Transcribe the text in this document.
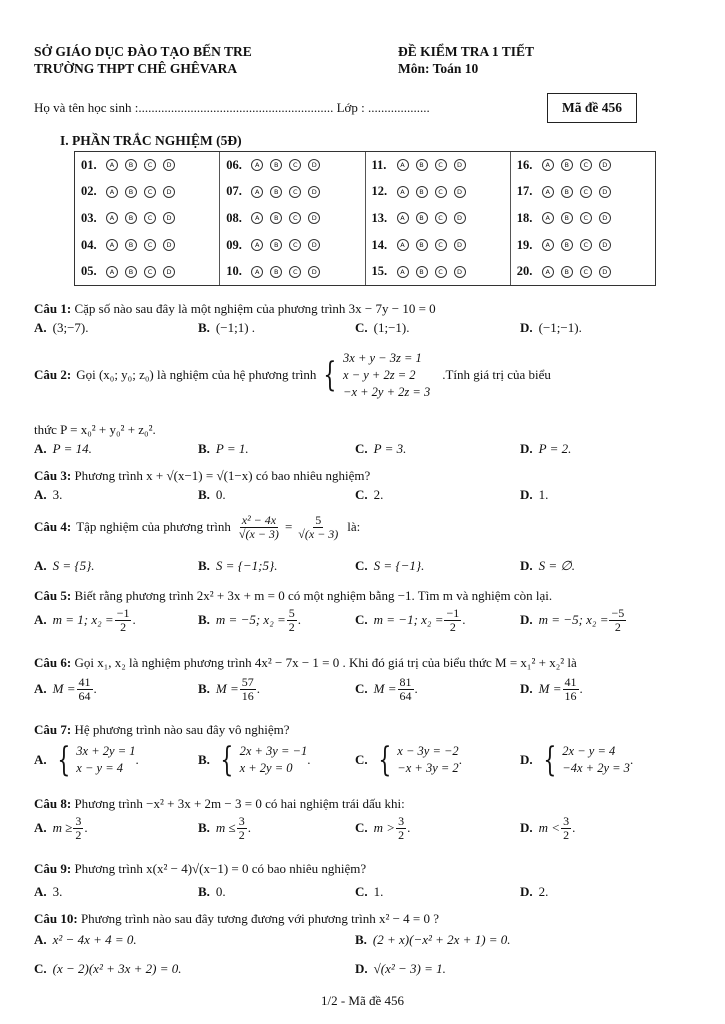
SỞ GIÁO DỤC ĐÀO TẠO BẾN TRE
TRƯỜNG THPT CHÊ GHÊVARA
ĐỀ KIỂM TRA 1 TIẾT
Môn: Toán 10
Họ và tên học sinh :............................................................ Lớp : ...................	Mã đề 456
I. PHẦN TRẮC NGHIỆM (5Đ)
01.	A	B	C	D
02.	A	B	C	D
03.	A	B	C	D
04.	A	B	C	D
05.	A	B	C	D
06.	A	B	C	D
07.	A	B	C	D
08.	A	B	C	D
09.	A	B	C	D
10.	A	B	C	D
11.	A	B	C	D
12.	A	B	C	D
13.	A	B	C	D
14.	A	B	C	D
15.	A	B	C	D
16.	A	B	C	D
17.	A	B	C	D
18.	A	B	C	D
19.	A	B	C	D
20.	A	B	C	D
Câu 1: Cặp số nào sau đây là một nghiệm của phương trình 3x − 7y − 10 = 0
A. (3;−7).	B. (−1;1) .	C. (1;−1).	D. (−1;−1).
Câu 2: Gọi (x₀; y₀; z₀) là nghiệm của hệ phương trình { 3x + y − 3z = 1
x − y + 2z = 2
−x + 2y + 2z = 3
.Tính giá trị của biểu
thức P = x₀² + y₀² + z₀².
A. P = 14.	B. P = 1.	C. P = 3.	D. P = 2.
Câu 3: Phương trình x + √(x−1) = √(1−x) có bao nhiêu nghiệm?
A. 3.	B. 0.	C. 2.	D. 1.
Câu 4: Tập nghiệm của phương trình $\frac{\text{x² − 4x}}{√(x - 3)} = \frac{5}{√(x - 3)}$ là:
A. S = {5}.	B. S = {−1;5}.	C. S = {−1}.	D. S = ∅.
Câu 5: Biết rằng phương trình 2x² + 3x + m = 0 có một nghiệm bằng −1. Tìm m và nghiệm còn lại.
A. m = 1; $x_2 = \frac{-1}{2}$ .	B. m = −5; $x_2 = \frac{5}{2}$ .	C. m = −1; $x_2 = \frac{-1}{2}$ .	D. m = −5; $x_2 = \frac{-5}{2}$
Câu 6: Gọi x₁, x₂ là nghiệm phương trình 4x² − 7x − 1 = 0 . Khi đó giá trị của biểu thức M = x₁² + x₂² là
A. $M = \frac{41}{64}$ .	B. $M = \frac{57}{16}$ .	C. $M = \frac{81}{64}$ .	D. $M = \frac{41}{16}$ .
Câu 7: Hệ phương trình nào sau đây vô nghiệm?
A. { 3x + 2y = 1
x − y = 4
.	B. { 2x + 3y = −1
x + 2y = 0
.	C. { x − 3y = −2
−x + 3y = 2
.	D. { 2x − y = 4
−4x + 2y = 3
.
Câu 8: Phương trình −x² + 3x + 2m − 3 = 0 có hai nghiệm trái dấu khi:
A. $m \ge \frac{3}{2}$ .	B. $m \le \frac{3}{2}$ .	C. $m > \frac{3}{2}$ .	D. $m < \frac{3}{2}$ .
Câu 9: Phương trình x(x² − 4)√(x−1) = 0 có bao nhiêu nghiệm?
A. 3.	B. 0.	C. 1.	D. 2.
Câu 10: Phương trình nào sau đây tương đương với phương trình x² − 4 = 0 ?
A. x² − 4x + 4 = 0.	B. (2 + x)(−x² + 2x + 1) = 0.
C. (x − 2)(x² + 3x + 2) = 0.	D. √(x² − 3) = 1.
1/2 - Mã đề 456
